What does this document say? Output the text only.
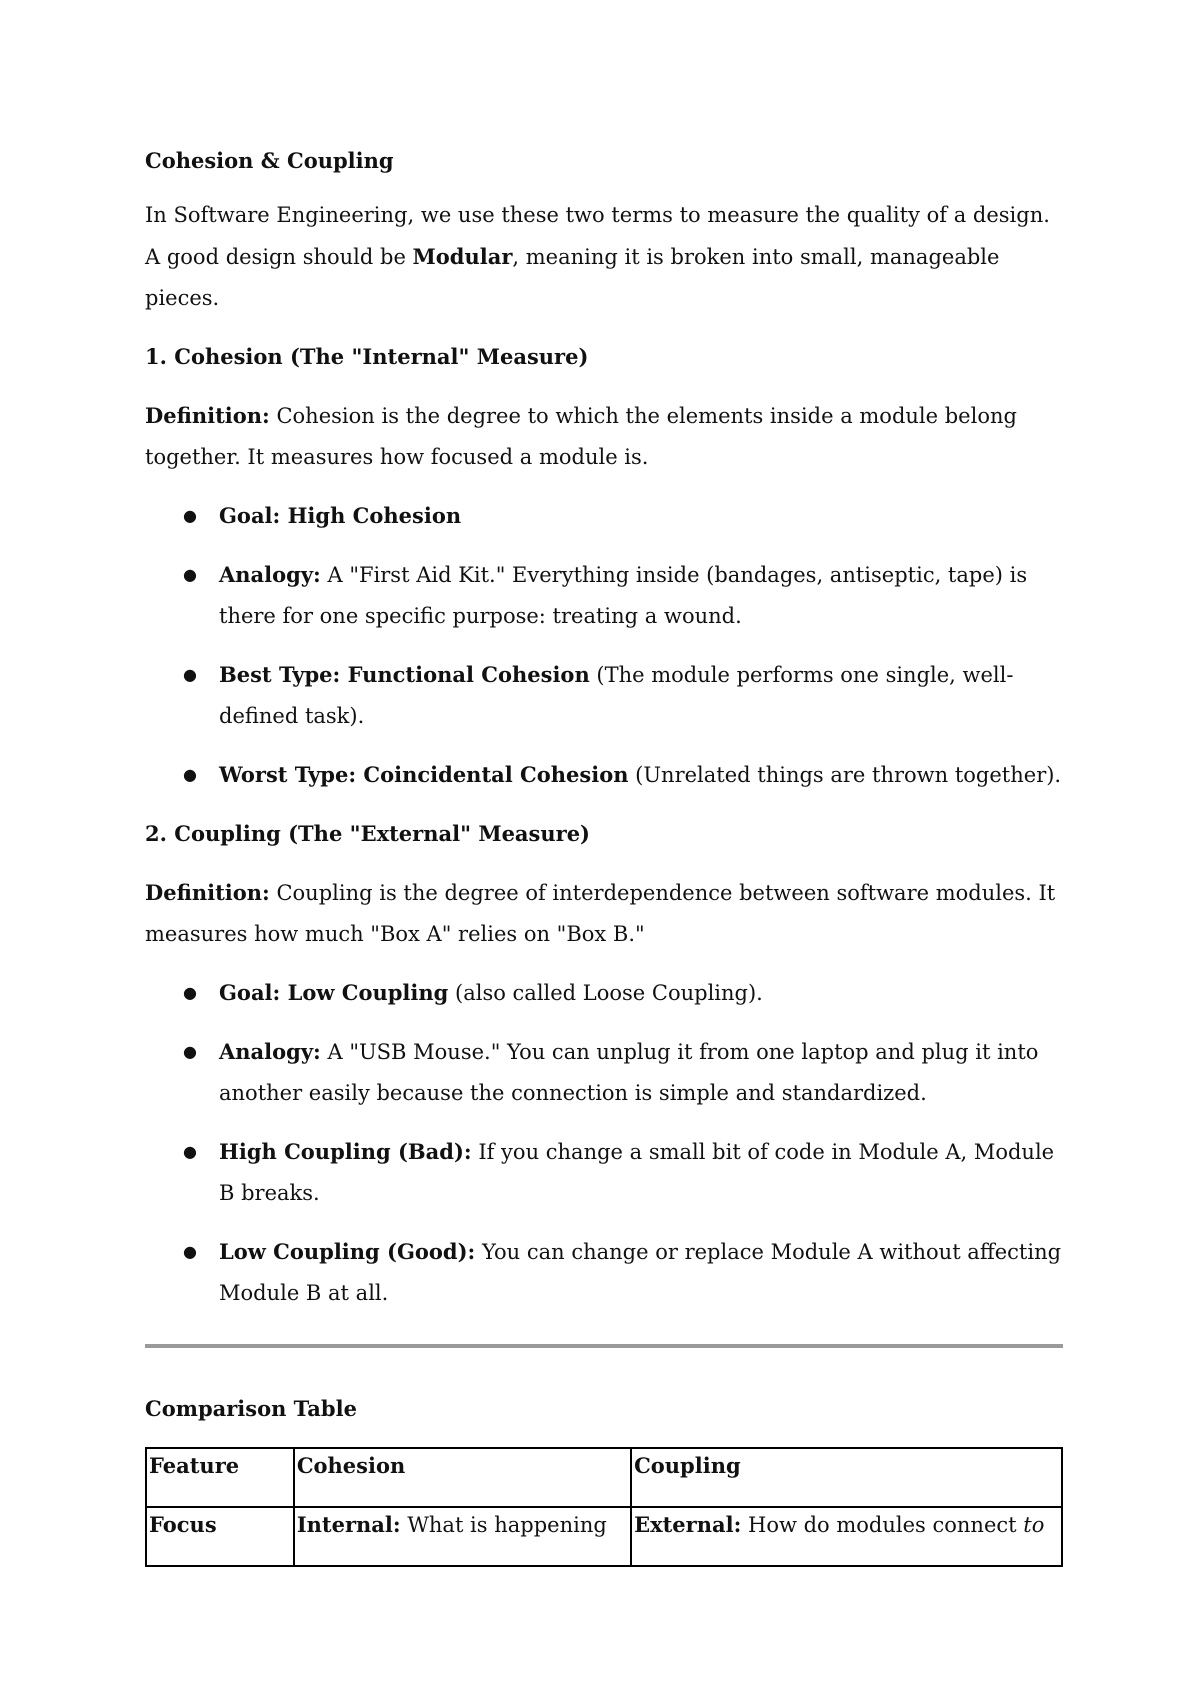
Cohesion & Coupling

In Software Engineering, we use these two terms to measure the quality of a design. A good design should be Modular, meaning it is broken into small, manageable pieces.

1. Cohesion (The "Internal" Measure)

Definition: Cohesion is the degree to which the elements inside a module belong together. It measures how focused a module is.

● Goal: High Cohesion
● Analogy: A "First Aid Kit." Everything inside (bandages, antiseptic, tape) is there for one specific purpose: treating a wound.
● Best Type: Functional Cohesion (The module performs one single, well-defined task).
● Worst Type: Coincidental Cohesion (Unrelated things are thrown together).

2. Coupling (The "External" Measure)

Definition: Coupling is the degree of interdependence between software modules. It measures how much "Box A" relies on "Box B."

● Goal: Low Coupling (also called Loose Coupling).
● Analogy: A "USB Mouse." You can unplug it from one laptop and plug it into another easily because the connection is simple and standardized.
● High Coupling (Bad): If you change a small bit of code in Module A, Module B breaks.
● Low Coupling (Good): You can change or replace Module A without affecting Module B at all.

Comparison Table

Feature	Cohesion	Coupling
Focus	Internal: What is happening	External: How do modules connect to
